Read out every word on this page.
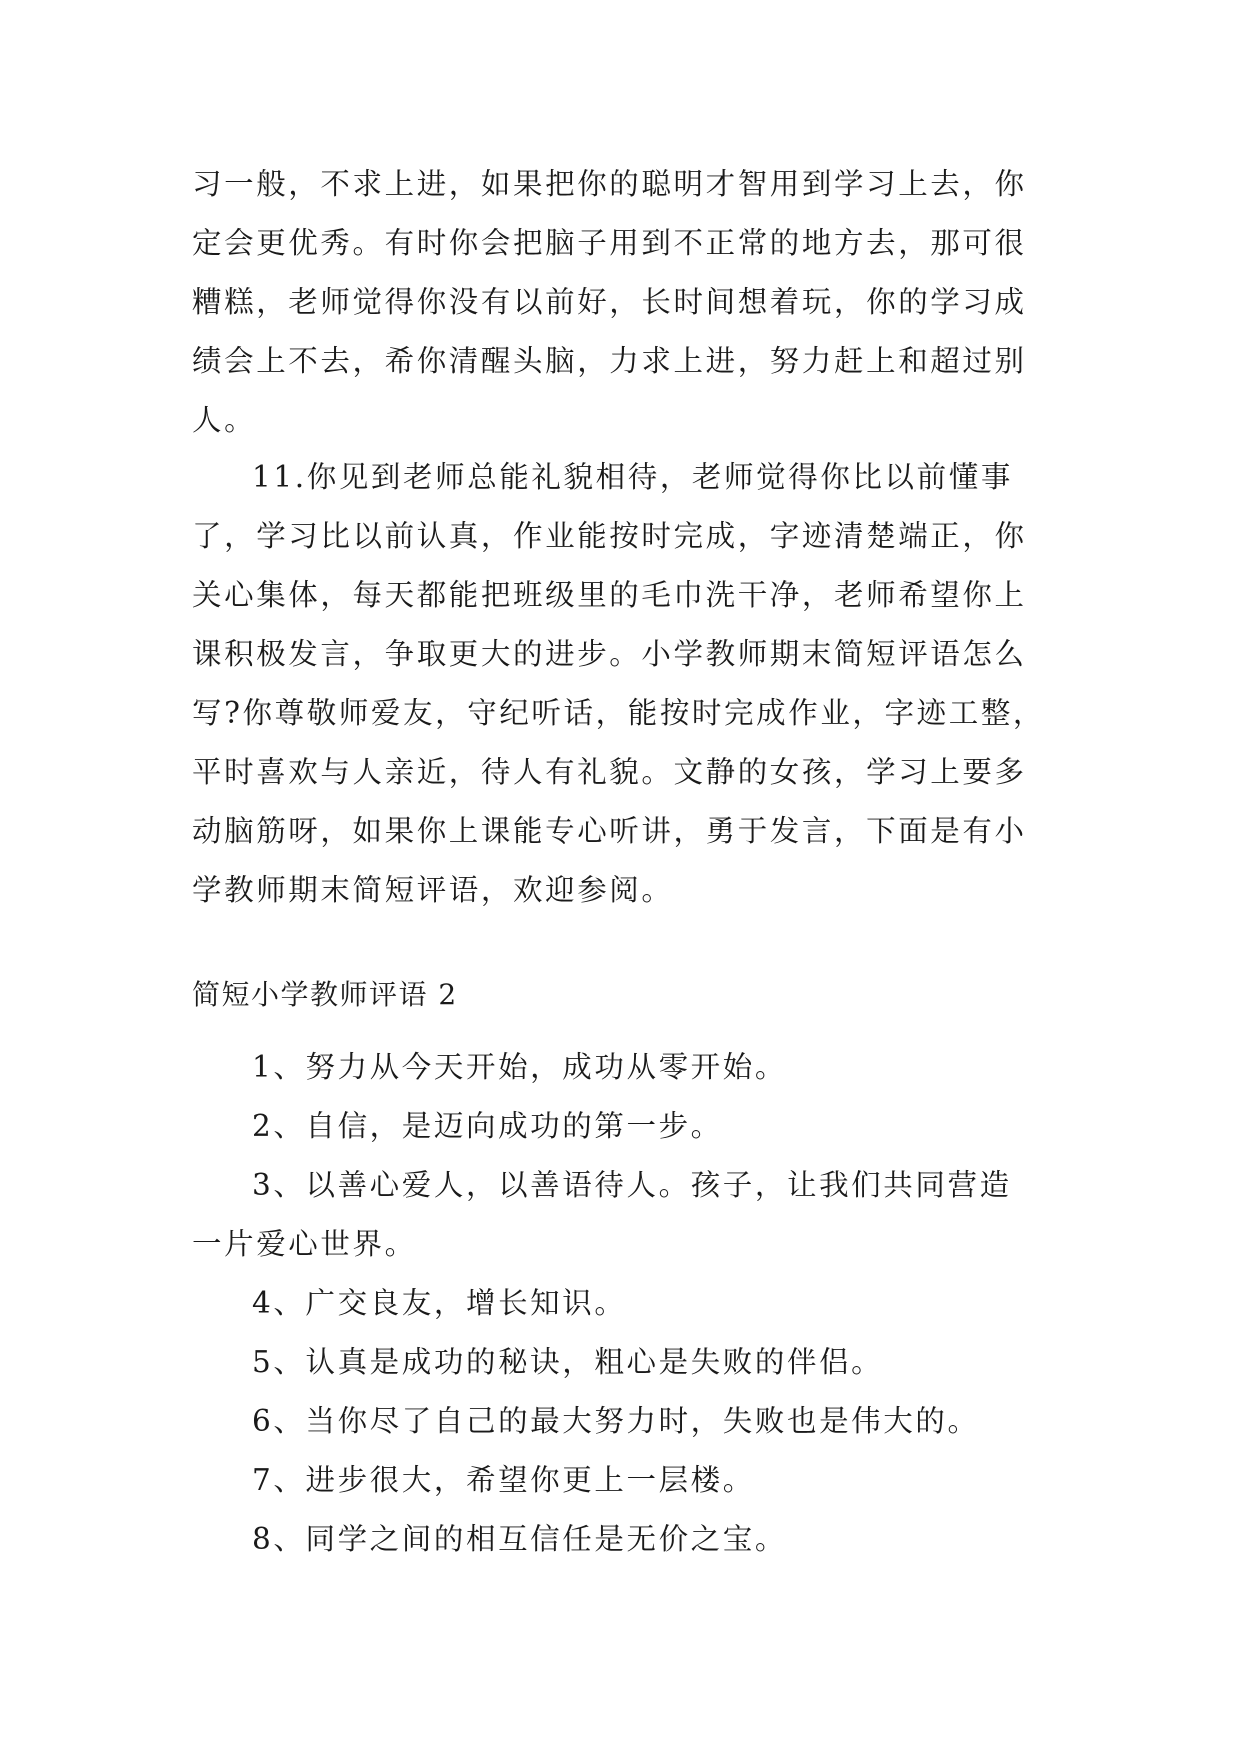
习一般，不求上进，如果把你的聪明才智用到学习上去，你
定会更优秀。有时你会把脑子用到不正常的地方去，那可很
糟糕，老师觉得你没有以前好，长时间想着玩，你的学习成
绩会上不去，希你清醒头脑，力求上进，努力赶上和超过别
人。
11.你见到老师总能礼貌相待，老师觉得你比以前懂事
了，学习比以前认真，作业能按时完成，字迹清楚端正，你
关心集体，每天都能把班级里的毛巾洗干净，老师希望你上
课积极发言，争取更大的进步。小学教师期末简短评语怎么
写?你尊敬师爱友，守纪听话，能按时完成作业，字迹工整，
平时喜欢与人亲近，待人有礼貌。文静的女孩，学习上要多
动脑筋呀，如果你上课能专心听讲，勇于发言，下面是有小
学教师期末简短评语，欢迎参阅。
简短小学教师评语 2
1、努力从今天开始，成功从零开始。
2、自信，是迈向成功的第一步。
3、以善心爱人，以善语待人。孩子，让我们共同营造
一片爱心世界。
4、广交良友，增长知识。
5、认真是成功的秘诀，粗心是失败的伴侣。
6、当你尽了自己的最大努力时，失败也是伟大的。
7、进步很大，希望你更上一层楼。
8、同学之间的相互信任是无价之宝。
